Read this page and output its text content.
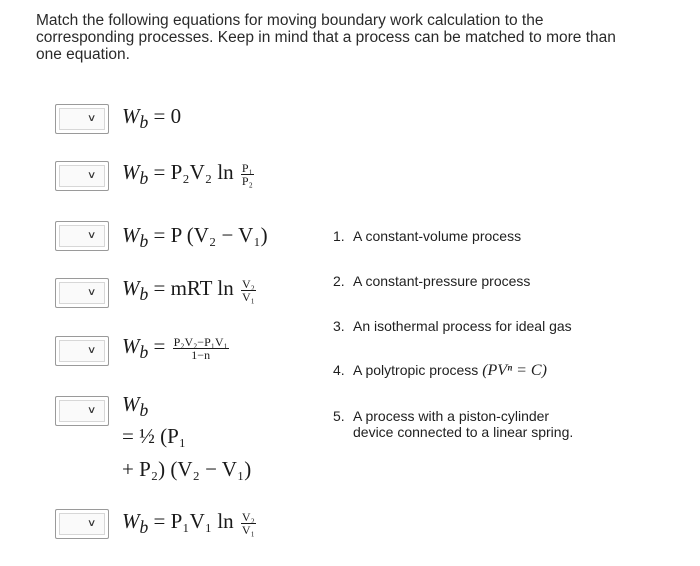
Match the following equations for moving boundary work calculation to the
corresponding processes. Keep in mind that a process can be matched to more than
one equation.
∨ $W_b = 0$
∨ $W_b = P_2V_2$ $\ln \frac{\text{P₁}}{\text{P₂}}$
∨ $W_b = P$ (V₂ − V₁)
∨ $W_b$ = mRT $\ln \frac{\text{V₂}}{\text{V₁}}$
∨ $W_b = \frac{\text{P₂V₂−P₁V₁}}{1-n}$
∨ $W_b$
= ½ (P₁
+ P₂) (V₂ − V₁)
∨ $W_b = P_1V_1$ $\ln \frac{\text{V₂}}{\text{V₁}}$
1. A constant-volume process
2. A constant-pressure process
3. An isothermal process for ideal gas
4. A polytropic process (PVⁿ = C)
5. A process with a piston-cylinder
device connected to a linear spring.
